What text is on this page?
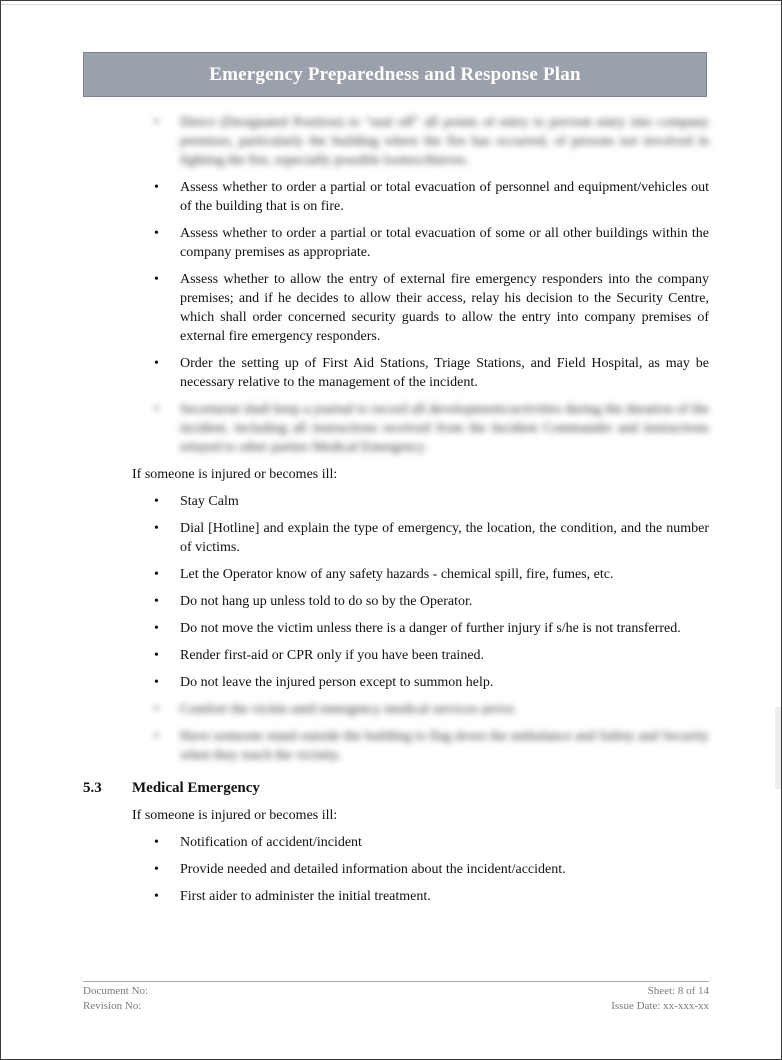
Emergency Preparedness and Response Plan
• Direct (Designated Position) to "seal off" all points of entry to prevent entry into company premises, particularly the building where the fire has occurred, of persons not involved in fighting the fire, especially possible looters/thieves.
• Assess whether to order a partial or total evacuation of personnel and equipment/vehicles out of the building that is on fire.
• Assess whether to order a partial or total evacuation of some or all other buildings within the company premises as appropriate.
• Assess whether to allow the entry of external fire emergency responders into the company premises; and if he decides to allow their access, relay his decision to the Security Centre, which shall order concerned security guards to allow the entry into company premises of external fire emergency responders.
• Order the setting up of First Aid Stations, Triage Stations, and Field Hospital, as may be necessary relative to the management of the incident.
• Secretariat shall keep a journal to record all developments/activities during the duration of the incident, including all instructions received from the Incident Commander and instructions relayed to other parties Medical Emergency

If someone is injured or becomes ill:

• Stay Calm
• Dial [Hotline] and explain the type of emergency, the location, the condition, and the number of victims.
• Let the Operator know of any safety hazards - chemical spill, fire, fumes, etc.
• Do not hang up unless told to do so by the Operator.
• Do not move the victim unless there is a danger of further injury if s/he is not transferred.
• Render first-aid or CPR only if you have been trained.
• Do not leave the injured person except to summon help.
• Comfort the victim until emergency medical services arrive.
• Have someone stand outside the building to flag down the ambulance and Safety and Security when they reach the vicinity.
5.3	Medical Emergency

If someone is injured or becomes ill:

• Notification of accident/incident
• Provide needed and detailed information about the incident/accident.
• First aider to administer the initial treatment.
Document No:	Sheet: 8 of 14
Revision No:	Issue Date: xx-xxx-xx
